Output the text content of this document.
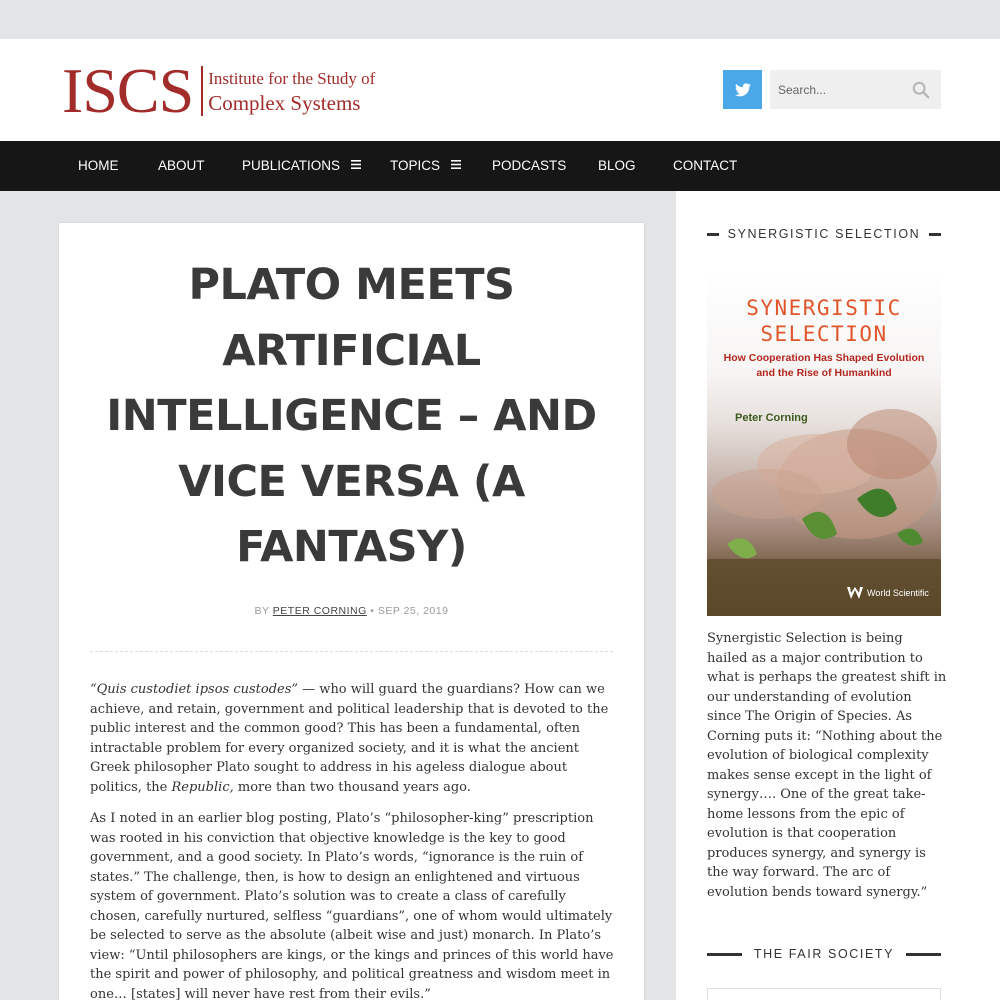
ISCS Institute for the Study of
Complex Systems
Search...
HOME	ABOUT	PUBLICATIONS	TOPICS	PODCASTS BLOG	CONTACT
PLATO MEETS ARTIFICIAL INTELLIGENCE – AND VICE VERSA (A FANTASY)
BY PETER CORNING • SEP 25, 2019

“Quis custodiet ipsos custodes” — who will guard the guardians? How can we achieve, and retain, government and political leadership that is devoted to the public interest and the common good? This has been a fundamental, often intractable problem for every organized society, and it is what the ancient Greek philosopher Plato sought to address in his ageless dialogue about politics, the Republic, more than two thousand years ago.

As I noted in an earlier blog posting, Plato’s “philosopher-king” prescription was rooted in his conviction that objective knowledge is the key to good government, and a good society. In Plato’s words, “ignorance is the ruin of states.” The challenge, then, is how to design an enlightened and virtuous system of government. Plato’s solution was to create a class of carefully chosen, carefully nurtured, selfless “guardians”, one of whom would ultimately be selected to serve as the absolute (albeit wise and just) monarch. In Plato’s view: “Until philosophers are kings, or the kings and princes of this world have the spirit and power of philosophy, and political greatness and wisdom meet in one… [states] will never have rest from their evils.”

SYNERGISTIC SELECTION
SYNERGISTIC
SELECTION
How Cooperation Has Shaped Evolution
and the Rise of Humankind
Peter Corning
World Scientific
Synergistic Selection is being hailed as a major contribution to what is perhaps the greatest shift in our understanding of evolution since The Origin of Species. As Corning puts it: “Nothing about the evolution of biological complexity makes sense except in the light of synergy…. One of the great take-home lessons from the epic of evolution is that cooperation produces synergy, and synergy is the way forward. The arc of evolution bends toward synergy.”
THE FAIR SOCIETY
